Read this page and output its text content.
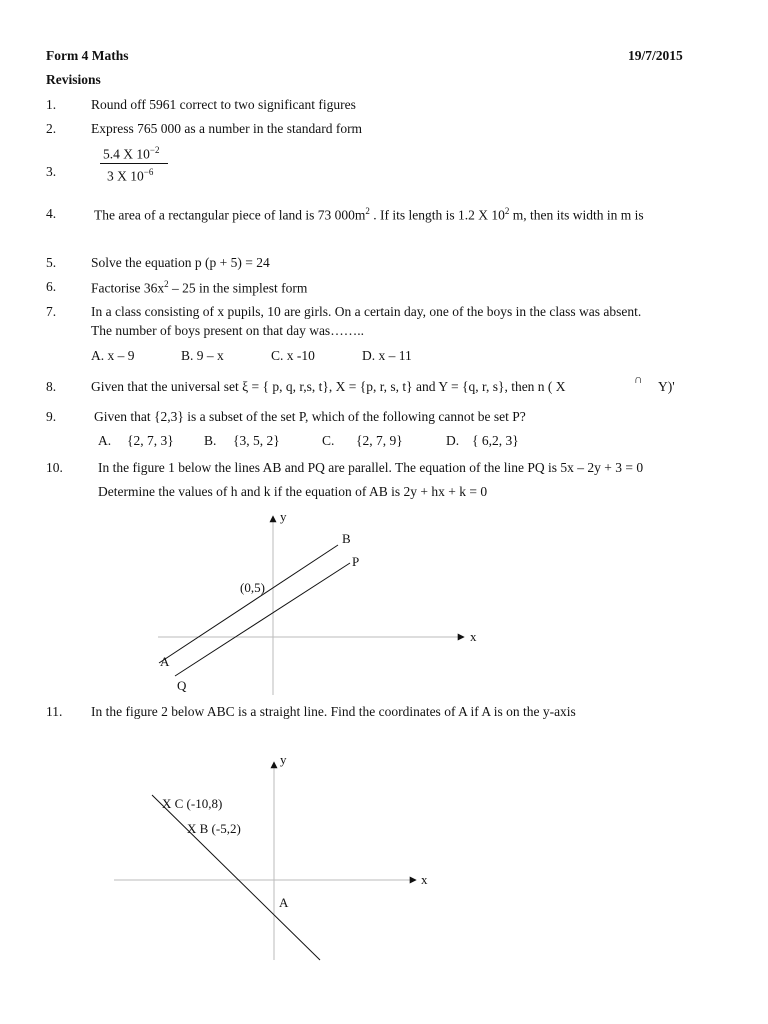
Form 4 Maths	19/7/2015
Revisions
1.	Round off 5961 correct to two significant figures
2.	Express 765 000 as a number in the standard form
3.
5.4 X $10^{-2}$
3 X $10^{-6}$
4.	The area of a rectangular piece of land is 73 $000m^2$ . If its length is 1.2 X $10^2$ m, then its width in m is
5.	Solve the equation p (p + 5) = 24
6.	Factorise $36x^2 - 25$ in the simplest form
7.	In a class consisting of x pupils, 10 are girls. On a certain day, one of the boys in the class was absent.
The number of boys present on that day was……..
A. x – 9	B. 9 – x	C. x -10	D. x – 11
8.	Given that the universal set ξ = { p, q, r,s, t}, X = {p, r, s, t} and Y = {q, r, s}, then n ( X	∩ Y)'
9.	Given that {2,3} is a subset of the set P, which of the following cannot be set P?
A. {2, 7, 3} B. {3, 5, 2}	C. {2, 7, 9}	D. { 6,2, 3}
10.	In the figure 1 below the lines AB and PQ are parallel. The equation of the line PQ is 5x – 2y + 3 = 0
Determine the values of h and k if the equation of AB is 2y + hx + k = 0
y
x
(0,5)
B
P
A
Q
11. In the figure 2 below ABC is a straight line. Find the coordinates of A if A is on the y-axis
y
x
X C (-10,8)
X B (-5,2)
A
